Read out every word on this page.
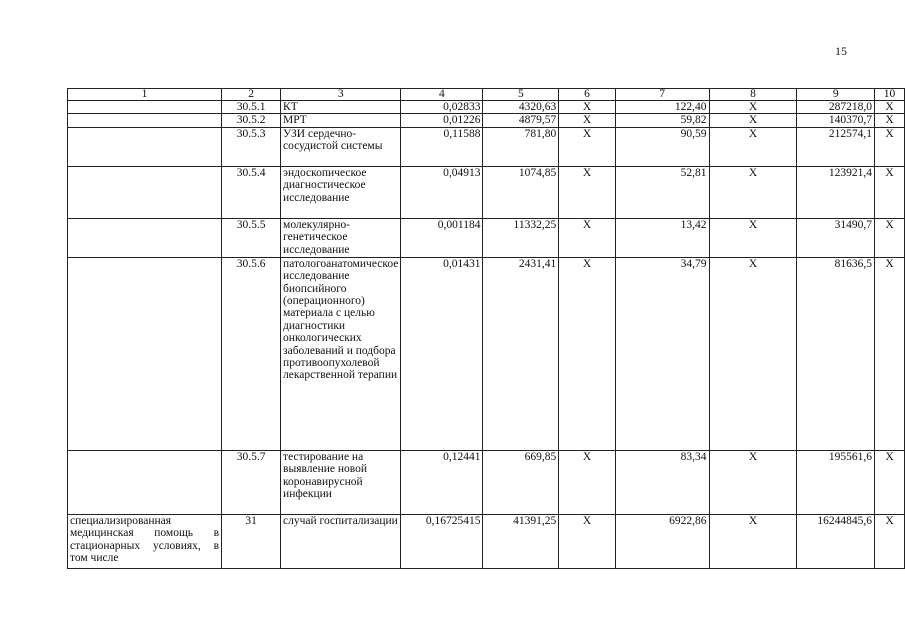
15
1	2	3	4	5	6	7	8	9	10
	30.5.1	КТ	0,02833	4320,63	Х	122,40	Х	287218,0	Х
	30.5.2	МРТ	0,01226	4879,57	Х	59,82	Х	140370,7	Х
	30.5.3	УЗИ сердечно-сосудистой системы	0,11588	781,80	Х	90,59	Х	212574,1	Х
	30.5.4	эндоскопическое диагностическое исследование	0,04913	1074,85	Х	52,81	Х	123921,4	Х
	30.5.5	молекулярно-генетическое исследование	0,001184	11332,25	Х	13,42	Х	31490,7	Х
	30.5.6	патологоанатомическое исследование биопсийного (операционного) материала с целью диагностики онкологических заболеваний и подбора противоопухолевой лекарственной терапии	0,01431	2431,41	Х	34,79	Х	81636,5	Х
	30.5.7	тестирование на выявление новой коронавирусной инфекции	0,12441	669,85	Х	83,34	Х	195561,6	Х
специализированная медицинская помощь в стационарных условиях, в том числе	31	случай госпитализации	0,16725415	41391,25	Х	6922,86	Х	16244845,6	Х
